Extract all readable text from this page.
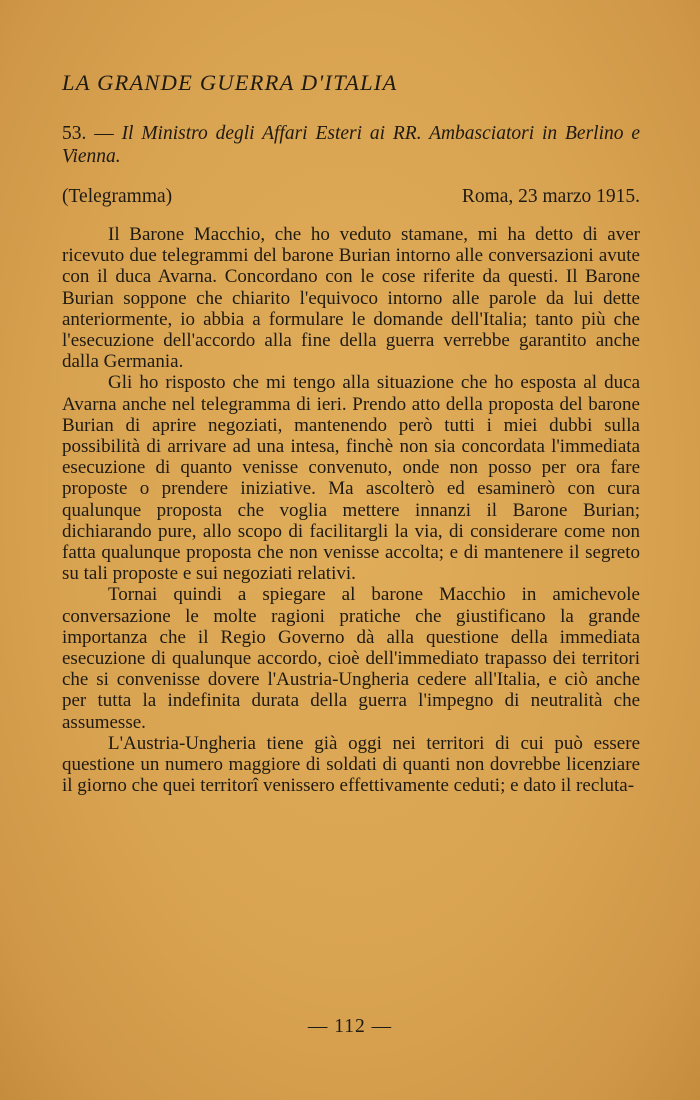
LA GRANDE GUERRA D'ITALIA
53. — Il Ministro degli Affari Esteri ai RR. Ambasciatori in Berlino e Vienna.
(Telegramma)	Roma, 23 marzo 1915.

Il Barone Macchio, che ho veduto stamane, mi ha detto di aver ricevuto due telegrammi del barone Burian intorno alle conversazioni avute con il duca Avarna. Concordano con le cose riferite da questi. Il Barone Burian soppone che chiarito l'equivoco intorno alle parole da lui dette anteriormente, io abbia a formulare le domande dell'Italia; tanto più che l'esecuzione dell'accordo alla fine della guerra verrebbe garantito anche dalla Germania.

Gli ho risposto che mi tengo alla situazione che ho esposta al duca Avarna anche nel telegramma di ieri. Prendo atto della proposta del barone Burian di aprire negoziati, mantenendo però tutti i miei dubbi sulla possibilità di arrivare ad una intesa, finchè non sia concordata l'immediata esecuzione di quanto venisse convenuto, onde non posso per ora fare proposte o prendere iniziative. Ma ascolterò ed esaminerò con cura qualunque proposta che voglia mettere innanzi il Barone Burian; dichiarando pure, allo scopo di facilitargli la via, di considerare come non fatta qualunque proposta che non venisse accolta; e di mantenere il segreto su tali proposte e sui negoziati relativi.

Tornai quindi a spiegare al barone Macchio in amichevole conversazione le molte ragioni pratiche che giustificano la grande importanza che il Regio Governo dà alla questione della immediata esecuzione di qualunque accordo, cioè dell'immediato trapasso dei territori che si convenisse dovere l'Austria-Ungheria cedere all'Italia, e ciò anche per tutta la indefinita durata della guerra l'impegno di neutralità che assumesse.

L'Austria-Ungheria tiene già oggi nei territori di cui può essere questione un numero maggiore di soldati di quanti non dovrebbe licenziare il giorno che quei territorî venissero effettivamente ceduti; e dato il recluta-

— 112 —
